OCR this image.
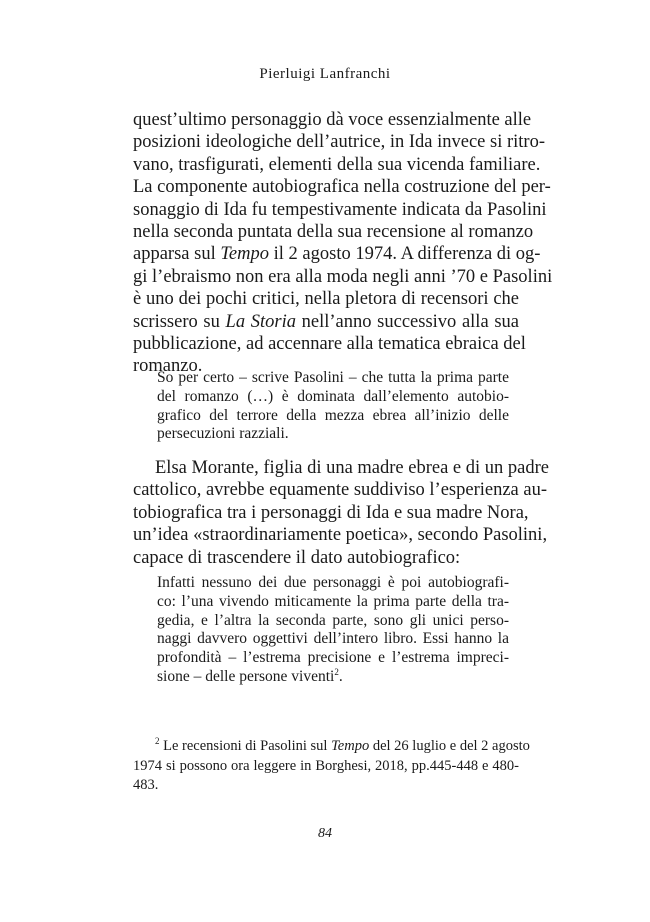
Pierluigi Lanfranchi
quest’ultimo personaggio dà voce essenzialmente alle
posizioni ideologiche dell’autrice, in Ida invece si ritro-
vano, trasfigurati, elementi della sua vicenda familiare.
La componente autobiografica nella costruzione del per-
sonaggio di Ida fu tempestivamente indicata da Pasolini
nella seconda puntata della sua recensione al romanzo
apparsa sul Tempo il 2 agosto 1974. A differenza di og-
gi l’ebraismo non era alla moda negli anni ’70 e Pasolini
è uno dei pochi critici, nella pletora di recensori che
scrissero su La Storia nell’anno successivo alla sua
pubblicazione, ad accennare alla tematica ebraica del
romanzo.
So per certo – scrive Pasolini – che tutta la prima parte
del romanzo (…) è dominata dall’elemento autobio-
grafico del terrore della mezza ebrea all’inizio delle
persecuzioni razziali.
Elsa Morante, figlia di una madre ebrea e di un padre
cattolico, avrebbe equamente suddiviso l’esperienza au-
tobiografica tra i personaggi di Ida e sua madre Nora,
un’idea «straordinariamente poetica», secondo Pasolini,
capace di trascendere il dato autobiografico:
Infatti nessuno dei due personaggi è poi autobiografi-
co: l’una vivendo miticamente la prima parte della tra-
gedia, e l’altra la seconda parte, sono gli unici perso-
naggi davvero oggettivi dell’intero libro. Essi hanno la
profondità – l’estrema precisione e l’estrema impreci-
sione – delle persone viventi$^2$.
$^2$ Le recensioni di Pasolini sul Tempo del 26 luglio e del 2 agosto
1974 si possono ora leggere in Borghesi, 2018, pp.445-448 e 480-
483.
84
